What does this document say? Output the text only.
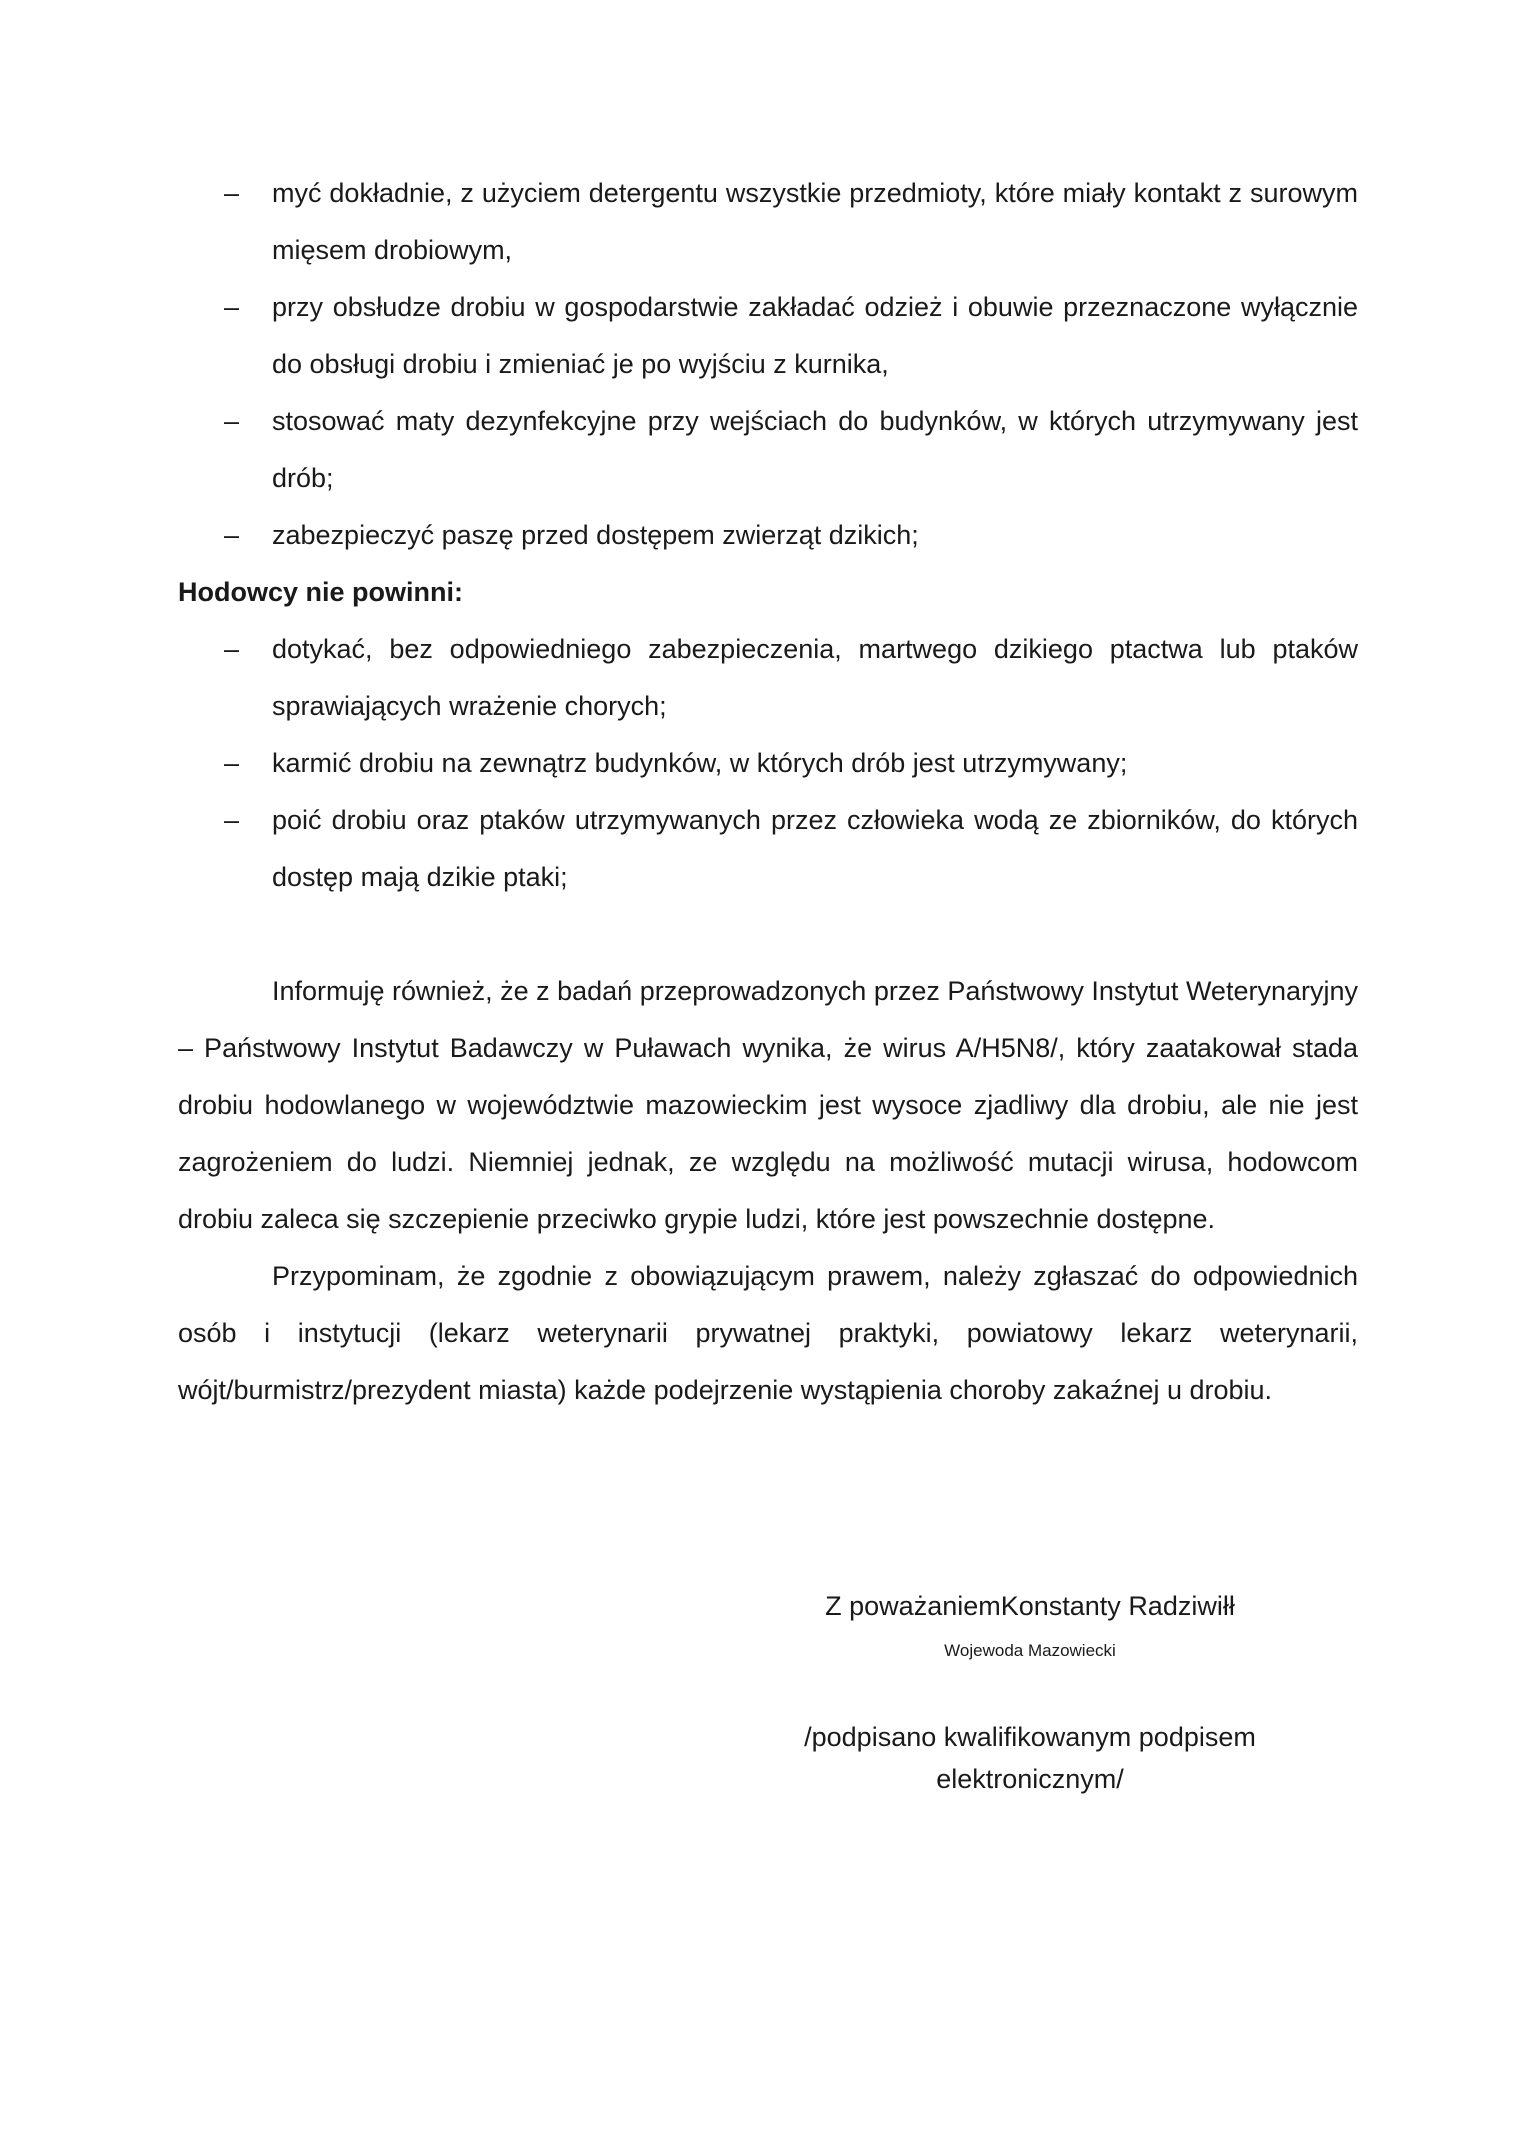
– myć dokładnie, z użyciem detergentu wszystkie przedmioty, które miały kontakt z surowym mięsem drobiowym,
– przy obsłudze drobiu w gospodarstwie zakładać odzież i obuwie przeznaczone wyłącznie do obsługi drobiu i zmieniać je po wyjściu z kurnika,
– stosować maty dezynfekcyjne przy wejściach do budynków, w których utrzymywany jest drób;
– zabezpieczyć paszę przed dostępem zwierząt dzikich;

Hodowcy nie powinni:

– dotykać, bez odpowiedniego zabezpieczenia, martwego dzikiego ptactwa lub ptaków sprawiających wrażenie chorych;
– karmić drobiu na zewnątrz budynków, w których drób jest utrzymywany;
– poić drobiu oraz ptaków utrzymywanych przez człowieka wodą ze zbiorników, do których dostęp mają dzikie ptaki;

Informuję również, że z badań przeprowadzonych przez Państwowy Instytut Weterynaryjny – Państwowy Instytut Badawczy w Puławach wynika, że wirus A/H5N8/, który zaatakował stada drobiu hodowlanego w województwie mazowieckim jest wysoce zjadliwy dla drobiu, ale nie jest zagrożeniem do ludzi. Niemniej jednak, ze względu na możliwość mutacji wirusa, hodowcom drobiu zaleca się szczepienie przeciwko grypie ludzi, które jest powszechnie dostępne.

Przypominam, że zgodnie z obowiązującym prawem, należy zgłaszać do odpowiednich osób i instytucji (lekarz weterynarii prywatnej praktyki, powiatowy lekarz weterynarii, wójt/burmistrz/prezydent miasta) każde podejrzenie wystąpienia choroby zakaźnej u drobiu.

Z poważaniemKonstanty Radziwiłł
Wojewoda Mazowiecki
/podpisano kwalifikowanym podpisem
elektronicznym/
